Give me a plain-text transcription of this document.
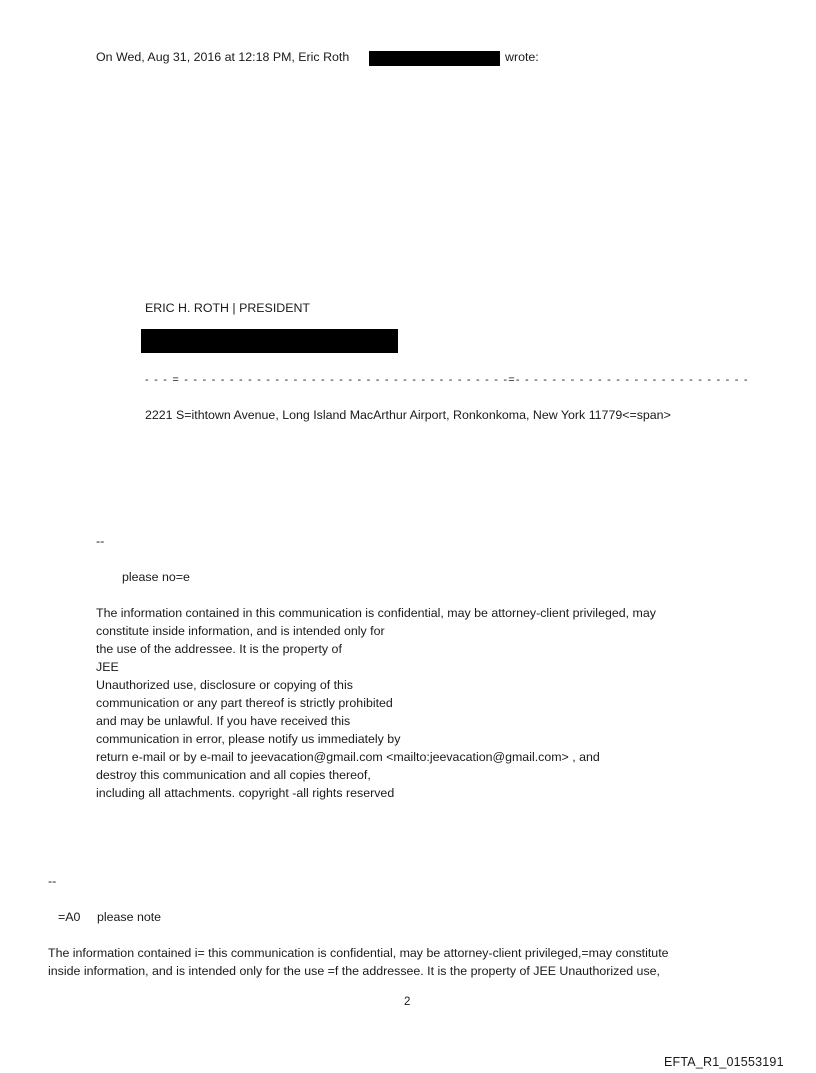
On Wed, Aug 31, 2016 at 12:18 PM, Eric Roth	wrote:
ERIC H. ROTH | PRESIDENT
- - - = - - - - - - - - - - - - - - - - - - - - - - - - - - - - - - - - - - - -=- - - - - - - - - - - - - - - - - - - - - - - - - -
2221 S=ithtown Avenue, Long Island MacArthur Airport, Ronkonkoma, New York 11779<=span>
--
please no=e
The information contained in this communication is confidential, may be attorney-client privileged, may
constitute inside information, and is intended only for
the use of the addressee. It is the property of
JEE
Unauthorized use, disclosure or copying of this
communication or any part thereof is strictly prohibited
and may be unlawful. If you have received this
communication in error, please notify us immediately by
return e-mail or by e-mail to jeevacation@gmail.com <mailto:jeevacation@gmail.com> , and
destroy this communication and all copies thereof,
including all attachments. copyright -all rights reserved
--
=A0 please note
The information contained i= this communication is confidential, may be attorney-client privileged,=may constitute
inside information, and is intended only for the use =f the addressee. It is the property of JEE Unauthorized use,
2
EFTA_R1_01553191
